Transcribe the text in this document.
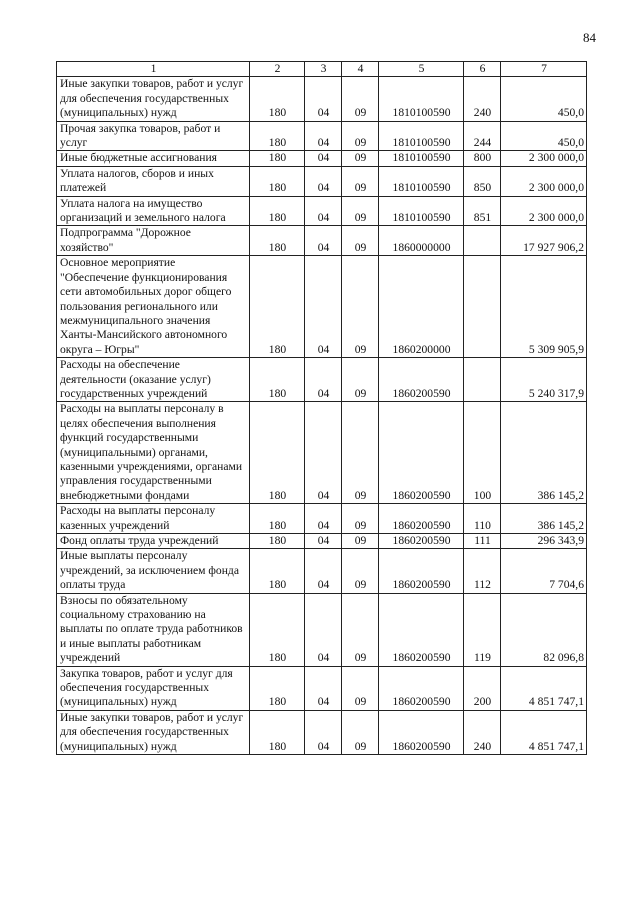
84
1	2	3	4	5	6	7
Иные закупки товаров, работ и услуг для обеспечения государственных (муниципальных) нужд	180	04	09	1810100590	240	450,0
Прочая закупка товаров, работ и услуг	180	04	09	1810100590	244	450,0
Иные бюджетные ассигнования	180	04	09	1810100590	800	2 300 000,0
Уплата налогов, сборов и иных платежей	180	04	09	1810100590	850	2 300 000,0
Уплата налога на имущество организаций и земельного налога	180	04	09	1810100590	851	2 300 000,0
Подпрограмма "Дорожное хозяйство"	180	04	09	1860000000		17 927 906,2
Основное мероприятие "Обеспечение функционирования сети автомобильных дорог общего пользования регионального или межмуниципального значения Ханты-Мансийского автономного округа – Югры"	180	04	09	1860200000		5 309 905,9
Расходы на обеспечение деятельности (оказание услуг) государственных учреждений	180	04	09	1860200590		5 240 317,9
Расходы на выплаты персоналу в целях обеспечения выполнения функций государственными (муниципальными) органами, казенными учреждениями, органами управления государственными внебюджетными фондами	180	04	09	1860200590	100	386 145,2
Расходы на выплаты персоналу казенных учреждений	180	04	09	1860200590	110	386 145,2
Фонд оплаты труда учреждений	180	04	09	1860200590	111	296 343,9
Иные выплаты персоналу учреждений, за исключением фонда оплаты труда	180	04	09	1860200590	112	7 704,6
Взносы по обязательному социальному страхованию на выплаты по оплате труда работников и иные выплаты работникам учреждений	180	04	09	1860200590	119	82 096,8
Закупка товаров, работ и услуг для обеспечения государственных (муниципальных) нужд	180	04	09	1860200590	200	4 851 747,1
Иные закупки товаров, работ и услуг для обеспечения государственных (муниципальных) нужд	180	04	09	1860200590	240	4 851 747,1
